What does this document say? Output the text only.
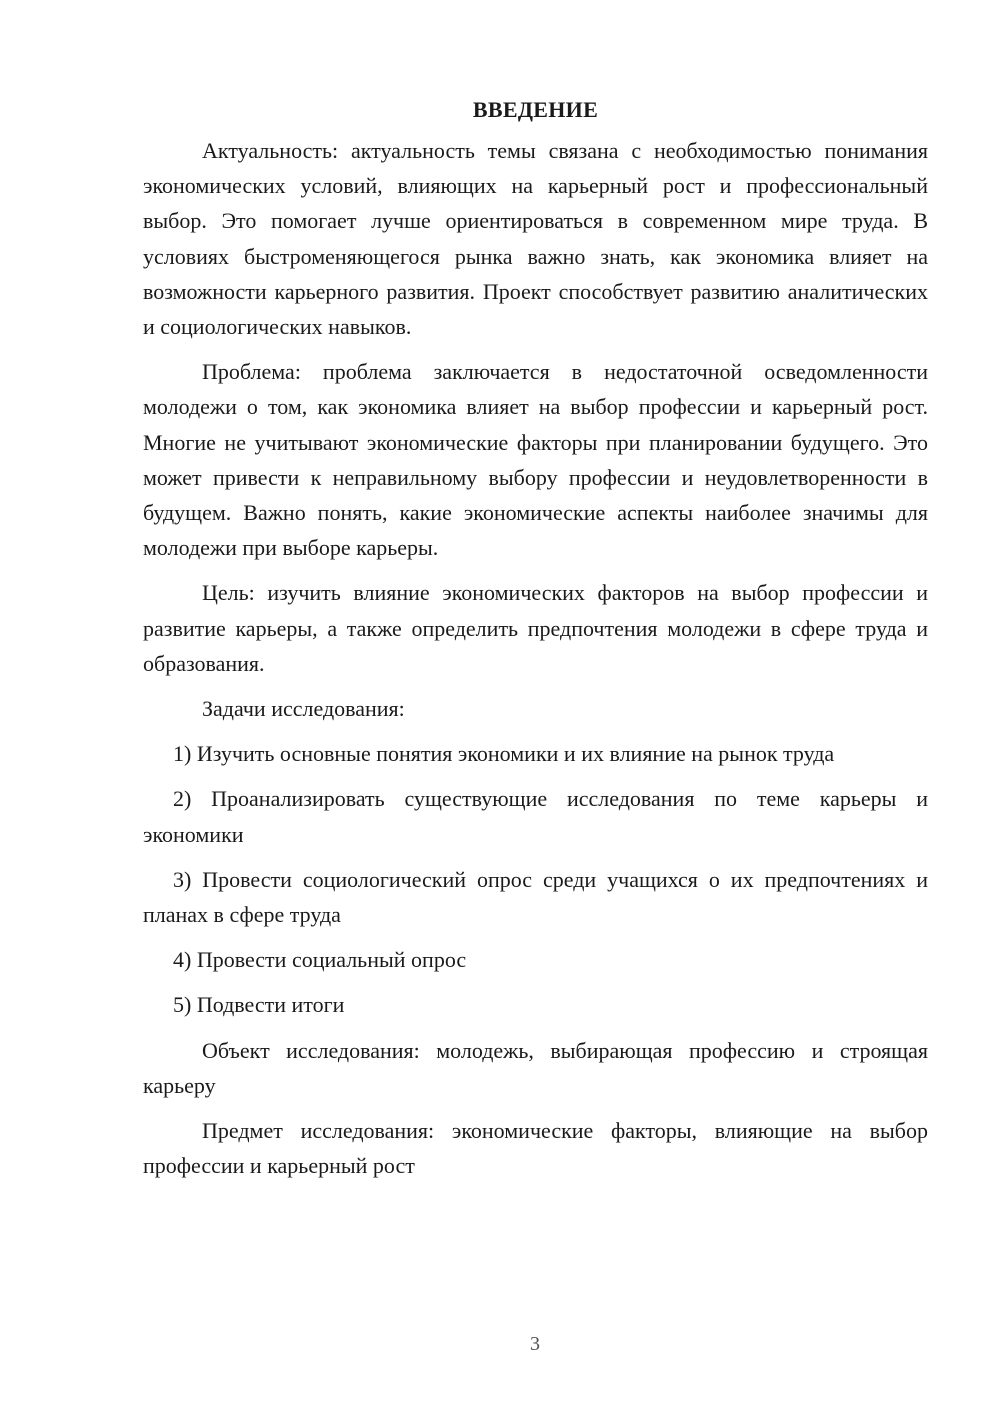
ВВЕДЕНИЕ

Актуальность: актуальность темы связана с необходимостью понимания экономических условий, влияющих на карьерный рост и профессиональный выбор. Это помогает лучше ориентироваться в современном мире труда. В условиях быстроменяющегося рынка важно знать, как экономика влияет на возможности карьерного развития. Проект способствует развитию аналитических и социологических навыков.

Проблема: проблема заключается в недостаточной осведомленности молодежи о том, как экономика влияет на выбор профессии и карьерный рост. Многие не учитывают экономические факторы при планировании будущего. Это может привести к неправильному выбору профессии и неудовлетворенности в будущем. Важно понять, какие экономические аспекты наиболее значимы для молодежи при выборе карьеры.

Цель: изучить влияние экономических факторов на выбор профессии и развитие карьеры, а также определить предпочтения молодежи в сфере труда и образования.

Задачи исследования:

1) Изучить основные понятия экономики и их влияние на рынок труда

2) Проанализировать существующие исследования по теме карьеры и экономики

3) Провести социологический опрос среди учащихся о их предпочтениях и планах в сфере труда

4) Провести социальный опрос

5) Подвести итоги

Объект исследования: молодежь, выбирающая профессию и строящая карьеру

Предмет исследования: экономические факторы, влияющие на выбор профессии и карьерный рост

3
